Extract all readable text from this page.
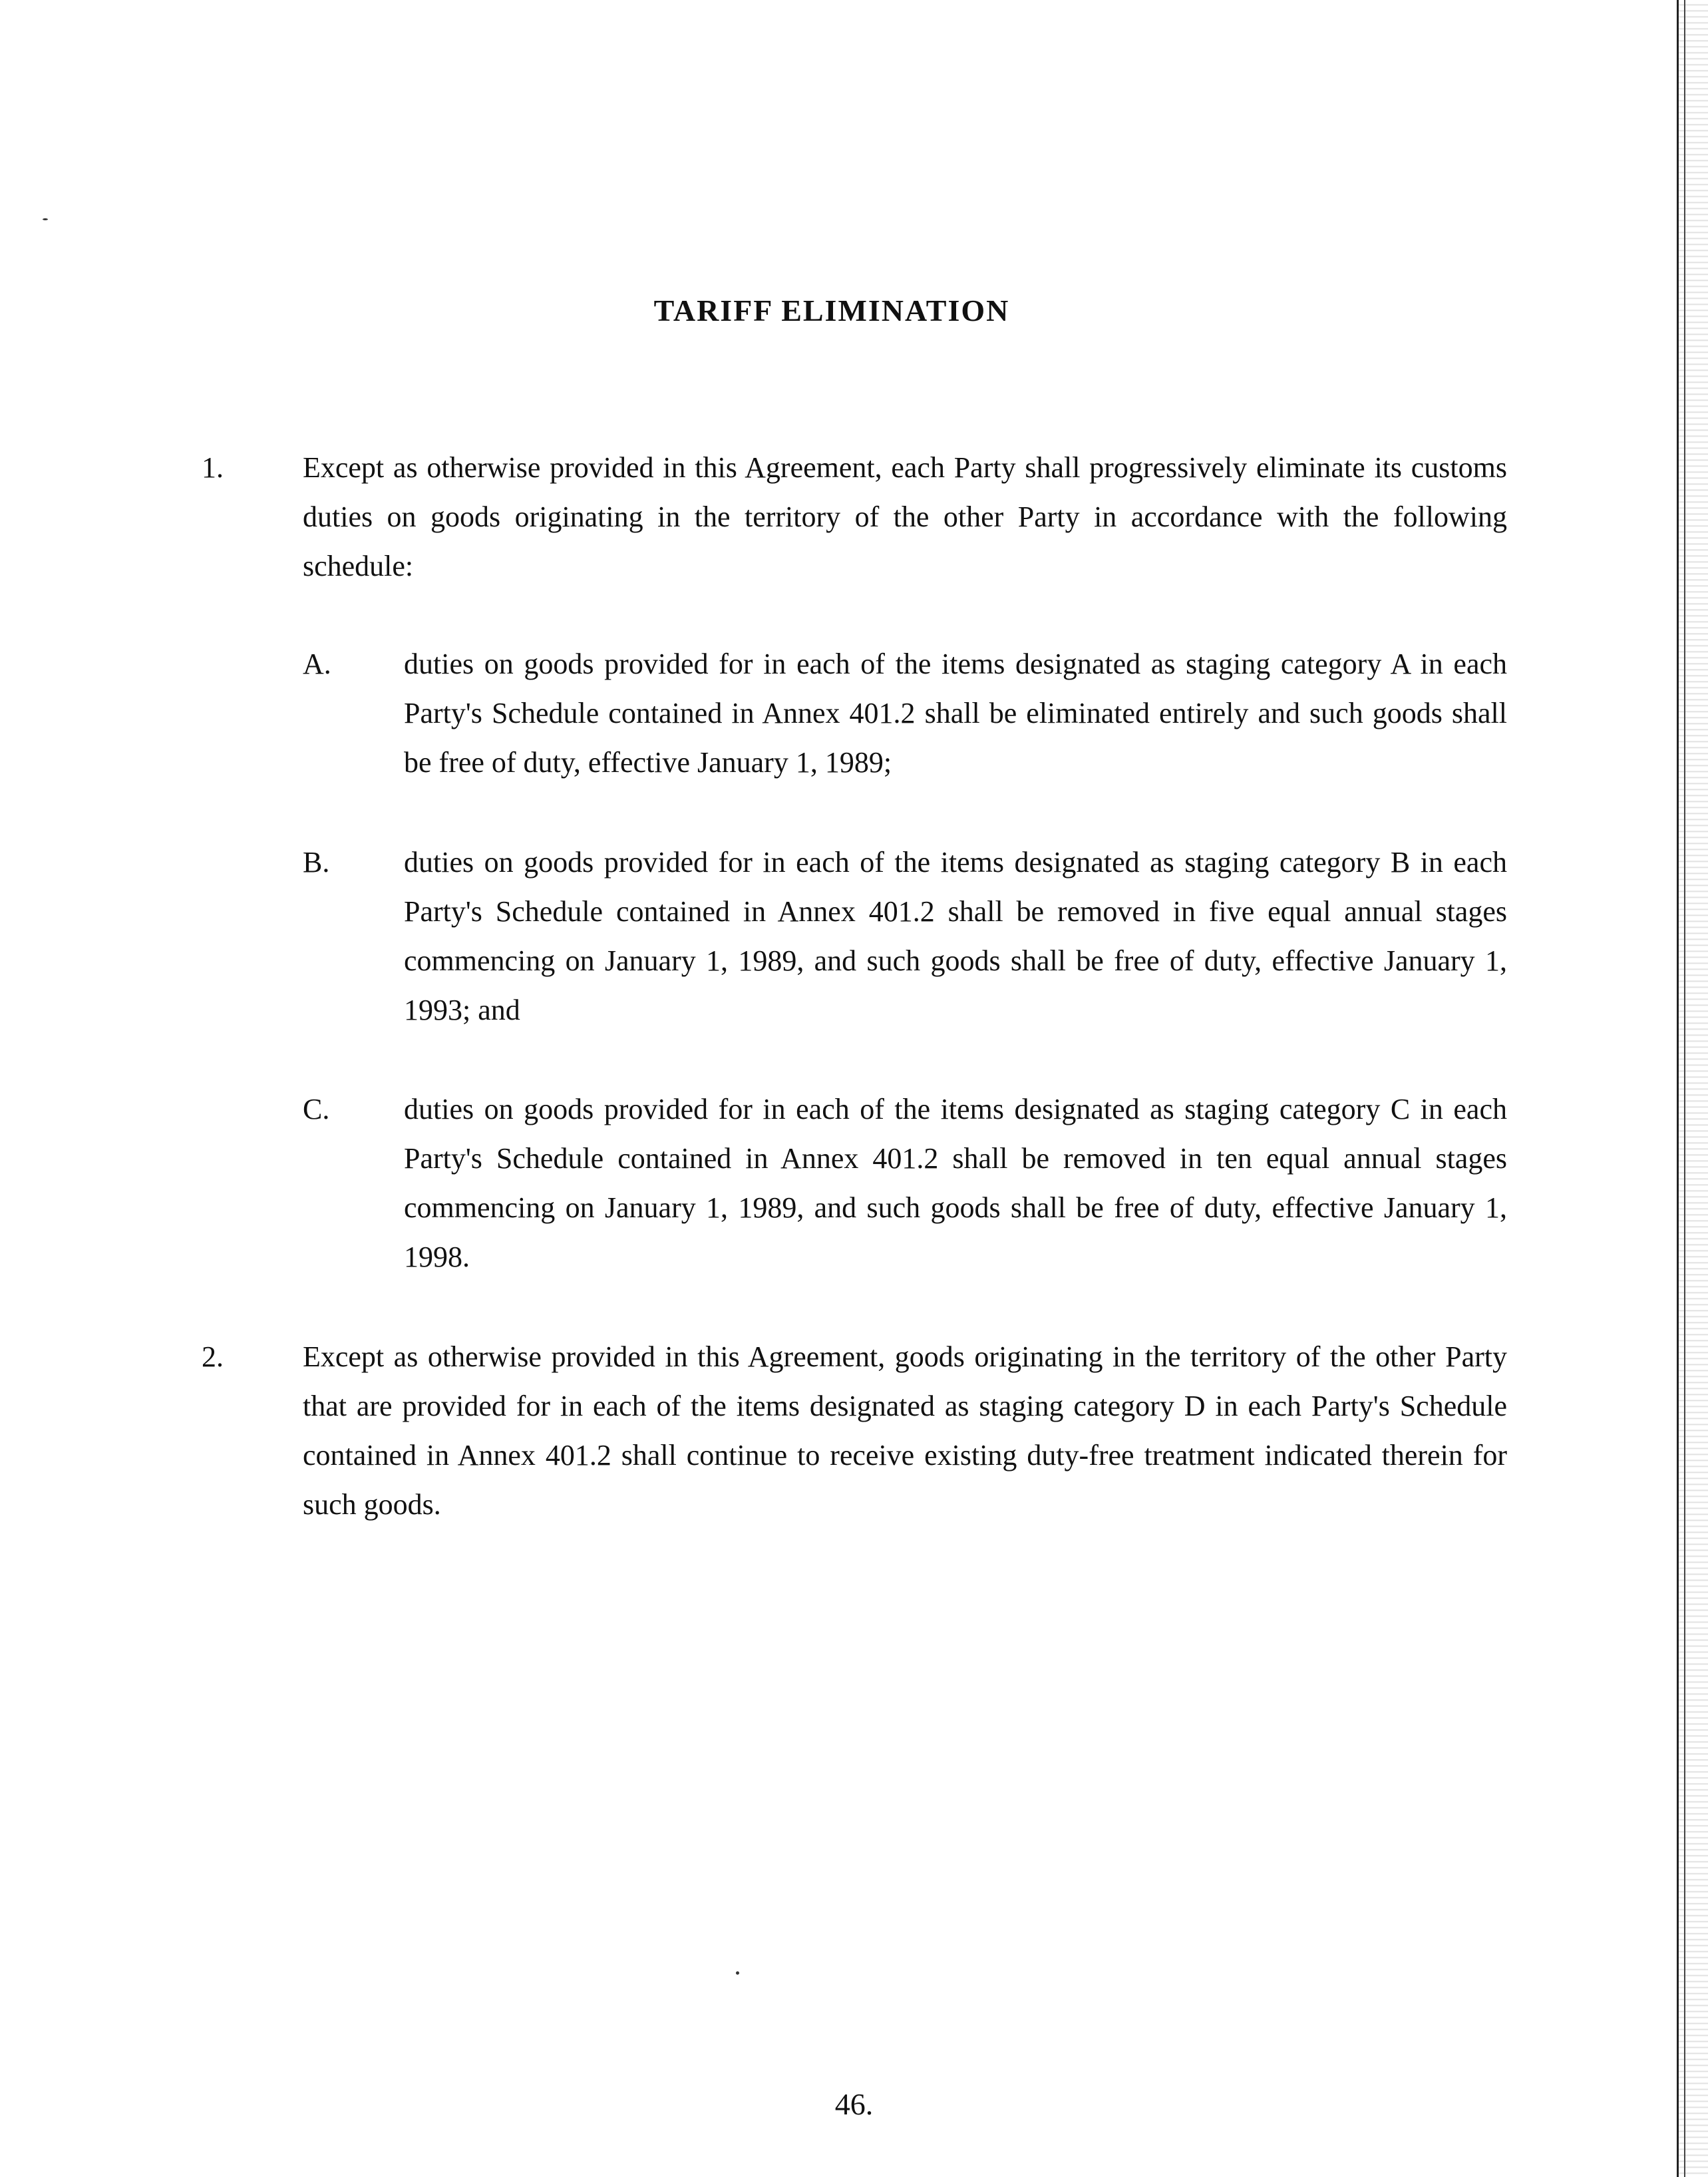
TARIFF ELIMINATION
1.	Except as otherwise provided in this Agreement, each Party shall progressively eliminate its customs duties on goods originating in the territory of the other Party in accordance with the following schedule:
A. duties on goods provided for in each of the items designated as staging category A in each Party's Schedule contained in Annex 401.2 shall be eliminated entirely and such goods shall be free of duty, effective January 1, 1989;
B.	duties on goods provided for in each of the items designated as staging category B in each Party's Schedule contained in Annex 401.2 shall be removed in five equal annual stages commencing on January 1, 1989, and such goods shall be free of duty, effective January 1, 1993; and
C.	duties on goods provided for in each of the items designated as staging category C in each Party's Schedule contained in Annex 401.2 shall be removed in ten equal annual stages commencing on January 1, 1989, and such goods shall be free of duty, effective January 1, 1998.
2.	Except as otherwise provided in this Agreement, goods originating in the territory of the other Party that are provided for in each of the items designated as staging category D in each Party's Schedule contained in Annex 401.2 shall continue to receive existing duty-free treatment indicated therein for such goods.
46.
